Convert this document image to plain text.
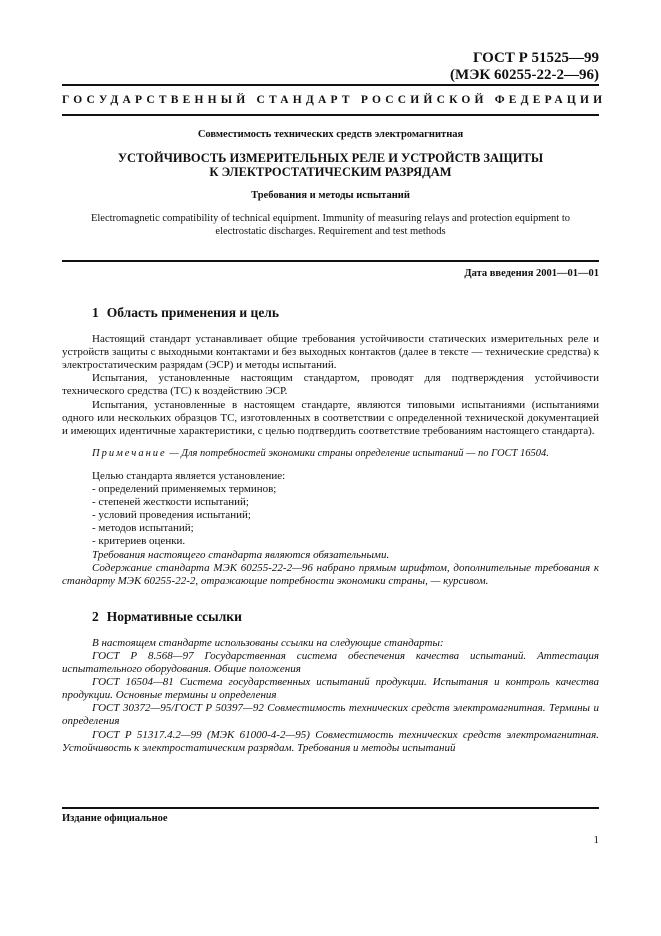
ГОСТ Р 51525—99
(МЭК 60255-22-2—96)
ГОСУДАРСТВЕННЫЙ СТАНДАРТ РОССИЙСКОЙ ФЕДЕРАЦИИ
Совместимость технических средств электромагнитная
УСТОЙЧИВОСТЬ ИЗМЕРИТЕЛЬНЫХ РЕЛЕ И УСТРОЙСТВ ЗАЩИТЫ
К ЭЛЕКТРОСТАТИЧЕСКИМ РАЗРЯДАМ
Требования и методы испытаний
Electromagnetic compatibility of technical equipment. Immunity of measuring relays and protection equipment to electrostatic discharges. Requirement and test methods
Дата введения 2001—01—01
1 Область применения и цель

Настоящий стандарт устанавливает общие требования устойчивости статических измерительных реле и устройств защиты с выходными контактами и без выходных контактов (далее в тексте — технические средства) к электростатическим разрядам (ЭСР) и методы испытаний.

Испытания, установленные настоящим стандартом, проводят для подтверждения устойчивости технического средства (ТС) к воздействию ЭСР.

Испытания, установленные в настоящем стандарте, являются типовыми испытаниями (испытаниями одного или нескольких образцов ТС, изготовленных в соответствии с определенной технической документацией и имеющих идентичные характеристики, с целью подтвердить соответствие требованиям настоящего стандарта).

Примечание — Для потребностей экономики страны определение испытаний — по ГОСТ 16504.

Целью стандарта является установление:

- определений применяемых терминов;
- степеней жесткости испытаний;
- условий проведения испытаний;
- методов испытаний;
- критериев оценки.

Требования настоящего стандарта являются обязательными.

Содержание стандарта МЭК 60255-22-2—96 набрано прямым шрифтом, дополнительные требования к стандарту МЭК 60255-22-2, отражающие потребности экономики страны, — курсивом.

2 Нормативные ссылки

В настоящем стандарте использованы ссылки на следующие стандарты:

ГОСТ Р 8.568—97 Государственная система обеспечения качества испытаний. Аттестация испытательного оборудования. Общие положения

ГОСТ 16504—81 Система государственных испытаний продукции. Испытания и контроль качества продукции. Основные термины и определения

ГОСТ 30372—95/ГОСТ Р 50397—92 Совместимость технических средств электромагнитная. Термины и определения

ГОСТ Р 51317.4.2—99 (МЭК 61000-4-2—95) Совместимость технических средств электромагнитная. Устойчивость к электростатическим разрядам. Требования и методы испытаний

Издание официальное
1
